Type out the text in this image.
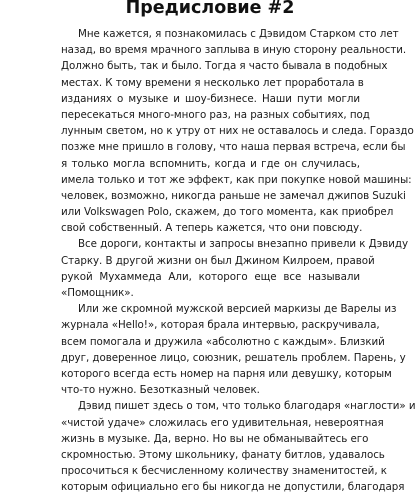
Предисловие #2
Мне кажется, я познакомилась с Дэвидом Старком сто лет
назад, во время мрачного заплыва в иную сторону реальности.
Должно быть, так и было. Тогда я часто бывала в подобных
местах. К тому времени я несколько лет проработала в
изданиях о музыке и шоу-бизнесе. Наши пути могли
пересекаться много-много раз, на разных событиях, под
лунным светом, но к утру от них не оставалось и следа. Гораздо
позже мне пришло в голову, что наша первая встреча, если бы
я только могла вспомнить, когда и где он случилась,
имела только и тот же эффект, как при покупке новой машины:
человек, возможно, никогда раньше не замечал джипов Suzuki
или Volkswagen Polo, скажем, до того момента, как приобрел
свой собственный. А теперь кажется, что они повсюду.
Все дороги, контакты и запросы внезапно привели к Дэвиду
Старку. В другой жизни он был Джином Килроем, правой
рукой Мухаммеда Али, которого еще все называли
«Помощник».
Или же скромной мужской версией маркизы де Варелы из
журнала «Hello!», которая брала интервью, раскручивала,
всем помогала и дружила «абсолютно с каждым». Близкий
друг, доверенное лицо, союзник, решатель проблем. Парень, у
которого всегда есть номер на парня или девушку, которым
что-то нужно. Безотказный человек.
Дэвид пишет здесь о том, что только благодаря «наглости» и
«чистой удаче» сложилась его удивительная, невероятная
жизнь в музыке. Да, верно. Но вы не обманывайтесь его
скромностью. Этому школьнику, фанату битлов, удавалось
просочиться к бесчисленному количеству знаменитостей, к
которым официально его бы никогда не допустили, благодаря
